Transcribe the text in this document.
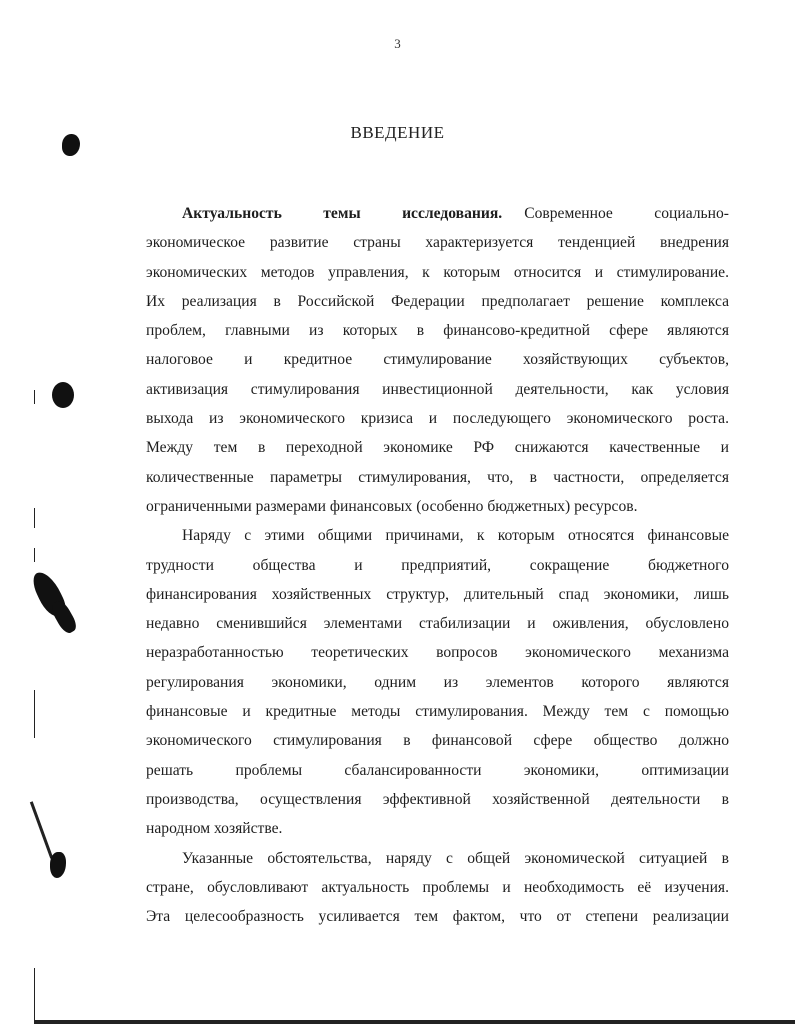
3
ВВЕДЕНИЕ
Актуальность темы исследования. Современное социально-
экономическое развитие страны характеризуется тенденцией внедрения
экономических методов управления, к которым относится и стимулирование.
Их реализация в Российской Федерации предполагает решение комплекса
проблем, главными из которых в финансово-кредитной сфере являются
налоговое и кредитное стимулирование хозяйствующих субъектов,
активизация стимулирования инвестиционной деятельности, как условия
выхода из экономического кризиса и последующего экономического роста.
Между тем в переходной экономике РФ снижаются качественные и
количественные параметры стимулирования, что, в частности, определяется
ограниченными размерами финансовых (особенно бюджетных) ресурсов.
Наряду с этими общими причинами, к которым относятся финансовые
трудности общества и предприятий, сокращение бюджетного
финансирования хозяйственных структур, длительный спад экономики, лишь
недавно сменившийся элементами стабилизации и оживления, обусловлено
неразработанностью теоретических вопросов экономического механизма
регулирования экономики, одним из элементов которого являются
финансовые и кредитные методы стимулирования. Между тем с помощью
экономического стимулирования в финансовой сфере общество должно
решать проблемы сбалансированности экономики, оптимизации
производства, осуществления эффективной хозяйственной деятельности в
народном хозяйстве.
Указанные обстоятельства, наряду с общей экономической ситуацией в
стране, обусловливают актуальность проблемы и необходимость её изучения.
Эта целесообразность усиливается тем фактом, что от степени реализации
